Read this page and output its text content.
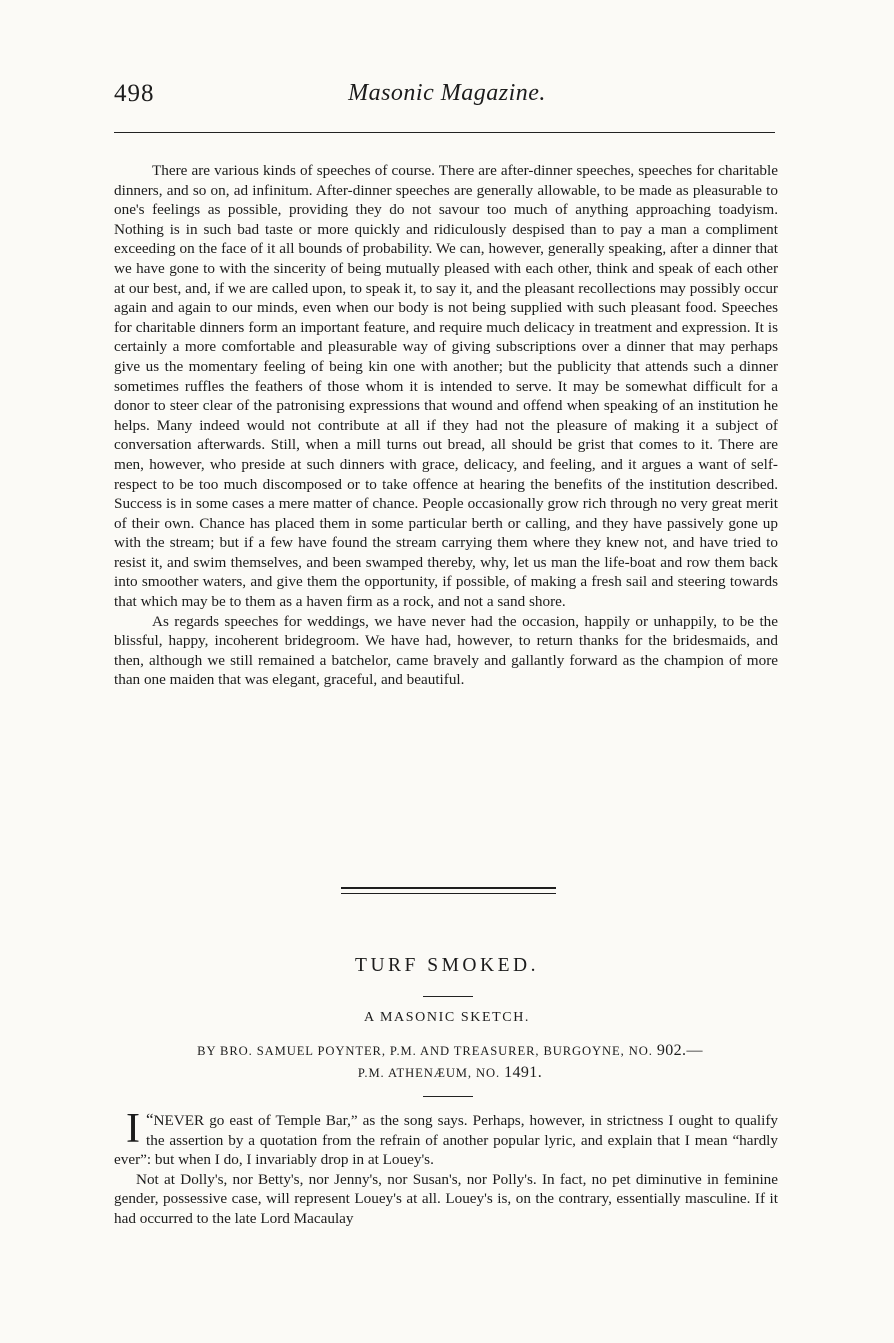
498	Masonic Magazine.

There are various kinds of speeches of course. There are after-dinner speeches, speeches for charitable dinners, and so on, ad infinitum. After-dinner speeches are generally allowable, to be made as pleasurable to one's feelings as possible, providing they do not savour too much of anything approaching toadyism. Nothing is in such bad taste or more quickly and ridiculously despised than to pay a man a compliment exceeding on the face of it all bounds of probability. We can, however, generally speaking, after a dinner that we have gone to with the sincerity of being mutually pleased with each other, think and speak of each other at our best, and, if we are called upon, to speak it, to say it, and the pleasant recollections may possibly occur again and again to our minds, even when our body is not being supplied with such pleasant food. Speeches for charitable dinners form an important feature, and require much delicacy in treatment and expression. It is certainly a more comfortable and pleasurable way of giving subscriptions over a dinner that may perhaps give us the momentary feeling of being kin one with another; but the publicity that attends such a dinner sometimes ruffles the feathers of those whom it is intended to serve. It may be somewhat difficult for a donor to steer clear of the patronising expressions that wound and offend when speaking of an institution he helps. Many indeed would not contribute at all if they had not the pleasure of making it a subject of conversation afterwards. Still, when a mill turns out bread, all should be grist that comes to it. There are men, however, who preside at such dinners with grace, delicacy, and feeling, and it argues a want of self-respect to be too much discomposed or to take offence at hearing the benefits of the institution described. Success is in some cases a mere matter of chance. People occasionally grow rich through no very great merit of their own. Chance has placed them in some particular berth or calling, and they have passively gone up with the stream; but if a few have found the stream carrying them where they knew not, and have tried to resist it, and swim themselves, and been swamped thereby, why, let us man the life-boat and row them back into smoother waters, and give them the opportunity, if possible, of making a fresh sail and steering towards that which may be to them as a haven firm as a rock, and not a sand shore.

As regards speeches for weddings, we have never had the occasion, happily or unhappily, to be the blissful, happy, incoherent bridegroom. We have had, however, to return thanks for the bridesmaids, and then, although we still remained a batchelor, came bravely and gallantly forward as the champion of more than one maiden that was elegant, graceful, and beautiful.

TURF SMOKED.
A MASONIC SKETCH.
BY BRO. SAMUEL POYNTER, P.M. AND TREASURER, BURGOYNE, NO. 902.—
P.M. ATHENÆUM, NO. 1491.

“
I NEVER go east of Temple Bar,” as the song says. Perhaps, however, in strictness I ought to qualify the assertion by a quotation from the refrain of another popular lyric, and explain that I mean “hardly ever”: but when I do, I invariably drop in at Louey's.

Not at Dolly's, nor Betty's, nor Jenny's, nor Susan's, nor Polly's. In fact, no pet diminutive in feminine gender, possessive case, will represent Louey's at all. Louey's is, on the contrary, essentially masculine. If it had occurred to the late Lord Macaulay
